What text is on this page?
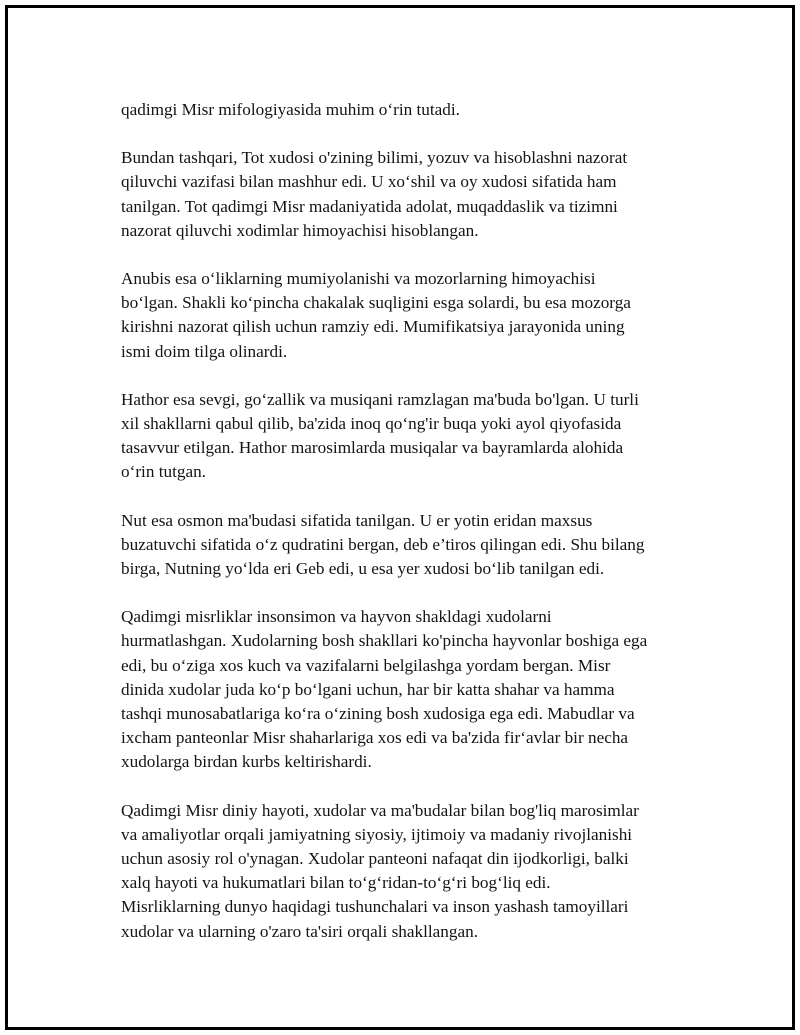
qadimgi Misr mifologiyasida muhim o‘rin tutadi.

Bundan tashqari, Tot xudosi o'zining bilimi, yozuv va hisoblashni nazorat
qiluvchi vazifasi bilan mashhur edi. U xo‘shil va oy xudosi sifatida ham
tanilgan. Tot qadimgi Misr madaniyatida adolat, muqaddaslik va tizimni
nazorat qiluvchi xodimlar himoyachisi hisoblangan.

Anubis esa o‘liklarning mumiyolanishi va mozorlarning himoyachisi
bo‘lgan. Shakli ko‘pincha chakalak suqligini esga solardi, bu esa mozorga
kirishni nazorat qilish uchun ramziy edi. Mumifikatsiya jarayonida uning
ismi doim tilga olinardi.

Hathor esa sevgi, go‘zallik va musiqani ramzlagan ma'buda bo'lgan. U turli
xil shakllarni qabul qilib, ba'zida inoq qo‘ng'ir buqa yoki ayol qiyofasida
tasavvur etilgan. Hathor marosimlarda musiqalar va bayramlarda alohida
o‘rin tutgan.

Nut esa osmon ma'budasi sifatida tanilgan. U er yotin eridan maxsus
buzatuvchi sifatida o‘z qudratini bergan, deb e’tiros qilingan edi. Shu bilang
birga, Nutning yo‘lda eri Geb edi, u esa yer xudosi bo‘lib tanilgan edi.

Qadimgi misrliklar insonsimon va hayvon shakldagi xudolarni
hurmatlashgan. Xudolarning bosh shakllari ko'pincha hayvonlar boshiga ega
edi, bu o‘ziga xos kuch va vazifalarni belgilashga yordam bergan. Misr
dinida xudolar juda ko‘p bo‘lgani uchun, har bir katta shahar va hamma
tashqi munosabatlariga ko‘ra o‘zining bosh xudosiga ega edi. Mabudlar va
ixcham panteonlar Misr shaharlariga xos edi va ba'zida fir‘avlar bir necha
xudolarga birdan kurbs keltirishardi.

Qadimgi Misr diniy hayoti, xudolar va ma'budalar bilan bog'liq marosimlar
va amaliyotlar orqali jamiyatning siyosiy, ijtimoiy va madaniy rivojlanishi
uchun asosiy rol o'ynagan. Xudolar panteoni nafaqat din ijodkorligi, balki
xalq hayoti va hukumatlari bilan to‘g‘ridan-to‘g‘ri bog‘liq edi.
Misrliklarning dunyo haqidagi tushunchalari va inson yashash tamoyillari
xudolar va ularning o'zaro ta'siri orqali shakllangan.
